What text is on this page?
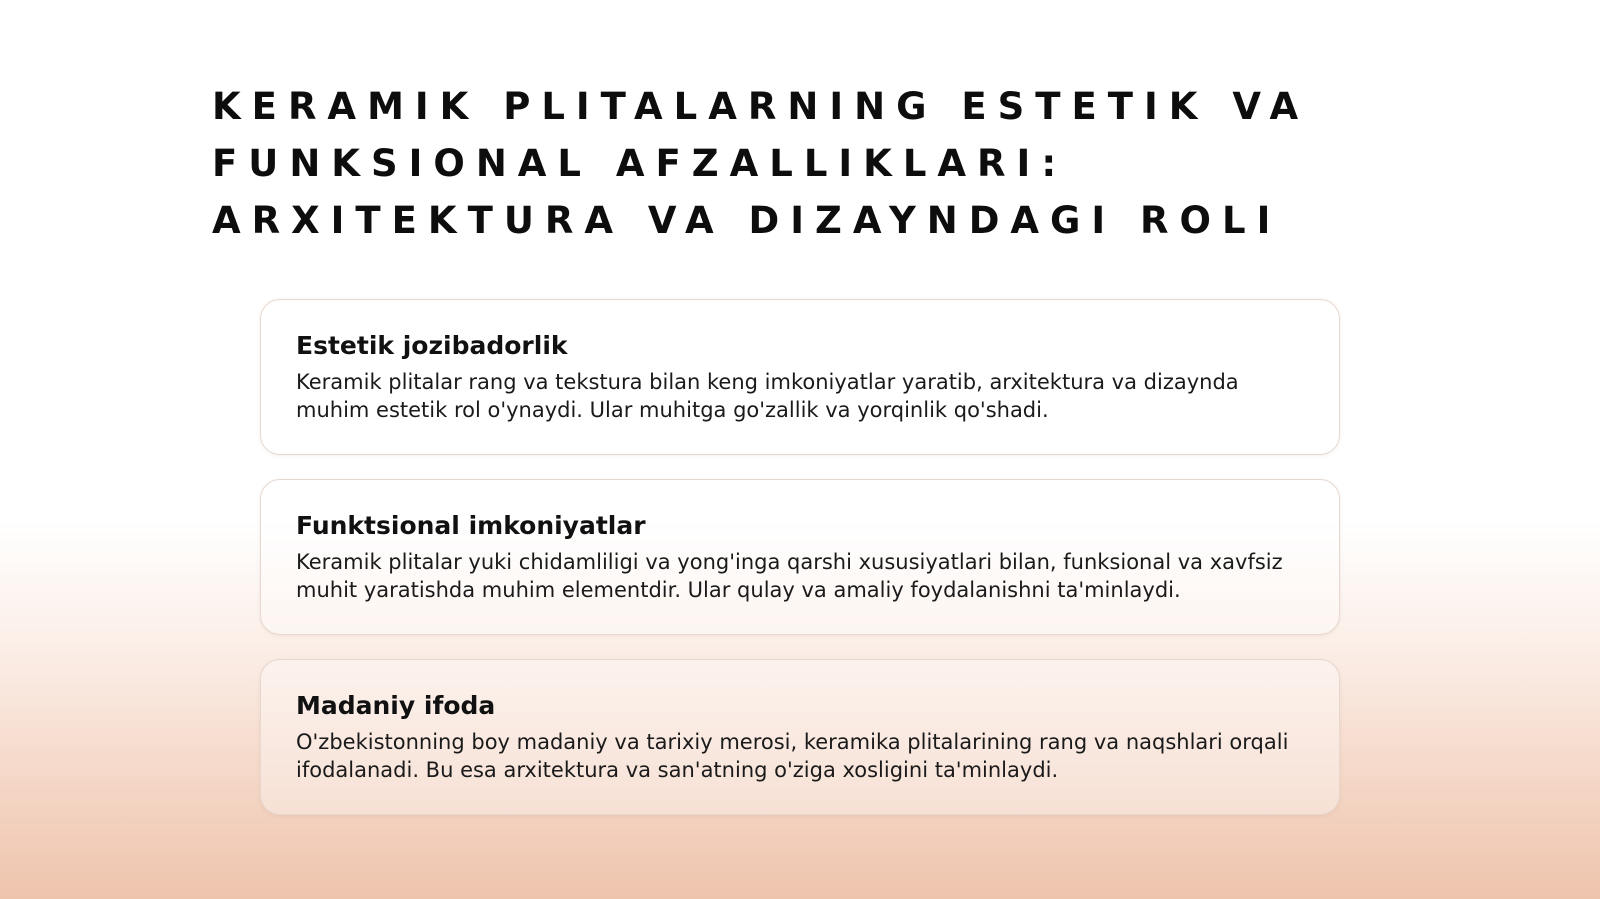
KERAMIK PLITALARNING ESTETIK VA FUNKSIONAL AFZALLIKLARI: ARXITEKTURA VA DIZAYNDAGI ROLI
Estetik jozibadorlik

Keramik plitalar rang va tekstura bilan keng imkoniyatlar yaratib, arxitektura va dizaynda muhim estetik rol o'ynaydi. Ular muhitga go'zallik va yorqinlik qo'shadi.

Funktsional imkoniyatlar

Keramik plitalar yuki chidamliligi va yong'inga qarshi xususiyatlari bilan, funksional va xavfsiz muhit yaratishda muhim elementdir. Ular qulay va amaliy foydalanishni ta'minlaydi.

Madaniy ifoda

O'zbekistonning boy madaniy va tarixiy merosi, keramika plitalarining rang va naqshlari orqali ifodalanadi. Bu esa arxitektura va san'atning o'ziga xosligini ta'minlaydi.
